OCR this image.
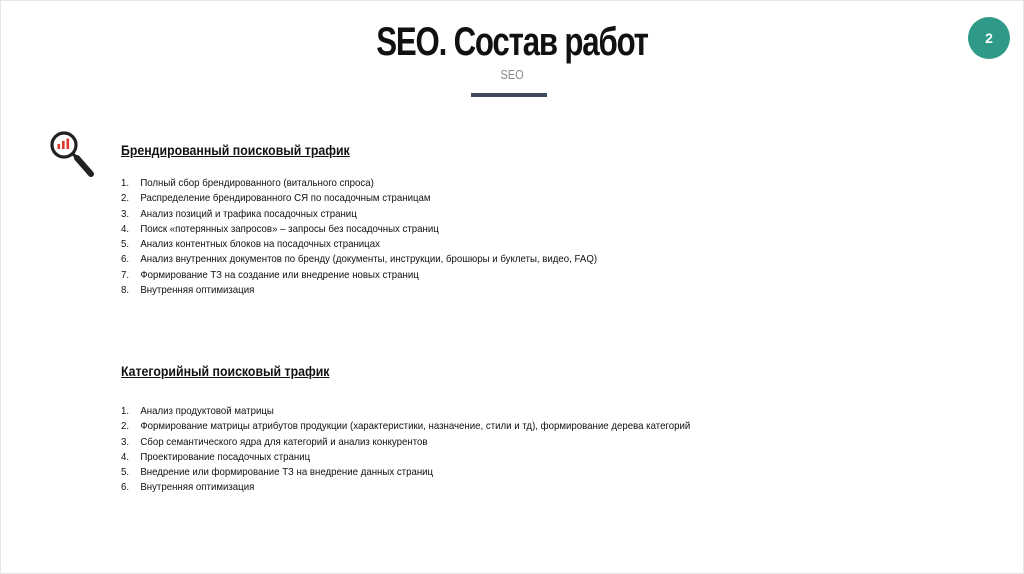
SEO. Состав работ
SEO
2
Брендированный поисковый трафик
1.	Полный сбор брендированного (витального спроса)
2.	Распределение брендированного СЯ по посадочным страницам
3.	Анализ позиций и трафика посадочных страниц
4.	Поиск «потерянных запросов» – запросы без посадочных страниц
5.	Анализ контентных блоков на посадочных страницах
6.	Анализ внутренних документов по бренду (документы, инструкции, брошюры и буклеты, видео, FAQ)
7.	Формирование ТЗ на создание или внедрение новых страниц
8.	Внутренняя оптимизация
Категорийный поисковый трафик
1.	Анализ продуктовой матрицы
2.	Формирование матрицы атрибутов продукции (характеристики, назначение, стили и тд), формирование дерева категорий
3.	Сбор семантического ядра для категорий и анализ конкурентов
4.	Проектирование посадочных страниц
5.	Внедрение или формирование ТЗ на внедрение данных страниц
6.	Внутренняя оптимизация
